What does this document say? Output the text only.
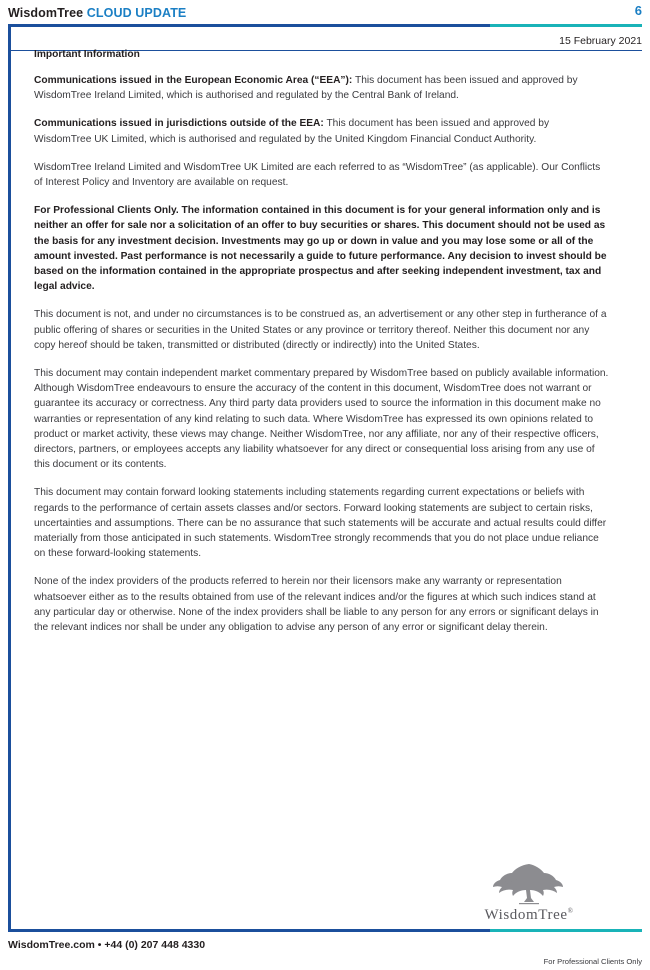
WisdomTree CLOUD UPDATE	6
15 February 2021
Important Information

Communications issued in the European Economic Area (“EEA”): This document has been issued and approved by WisdomTree Ireland Limited, which is authorised and regulated by the Central Bank of Ireland.

Communications issued in jurisdictions outside of the EEA: This document has been issued and approved by WisdomTree UK Limited, which is authorised and regulated by the United Kingdom Financial Conduct Authority.

WisdomTree Ireland Limited and WisdomTree UK Limited are each referred to as “WisdomTree” (as applicable). Our Conflicts of Interest Policy and Inventory are available on request.

For Professional Clients Only. The information contained in this document is for your general information only and is neither an offer for sale nor a solicitation of an offer to buy securities or shares. This document should not be used as the basis for any investment decision. Investments may go up or down in value and you may lose some or all of the amount invested. Past performance is not necessarily a guide to future performance. Any decision to invest should be based on the information contained in the appropriate prospectus and after seeking independent investment, tax and legal advice.

This document is not, and under no circumstances is to be construed as, an advertisement or any other step in furtherance of a public offering of shares or securities in the United States or any province or territory thereof. Neither this document nor any copy hereof should be taken, transmitted or distributed (directly or indirectly) into the United States.

This document may contain independent market commentary prepared by WisdomTree based on publicly available information. Although WisdomTree endeavours to ensure the accuracy of the content in this document, WisdomTree does not warrant or guarantee its accuracy or correctness. Any third party data providers used to source the information in this document make no warranties or representation of any kind relating to such data. Where WisdomTree has expressed its own opinions related to product or market activity, these views may change. Neither WisdomTree, nor any affiliate, nor any of their respective officers, directors, partners, or employees accepts any liability whatsoever for any direct or consequential loss arising from any use of this document or its contents.

This document may contain forward looking statements including statements regarding current expectations or beliefs with regards to the performance of certain assets classes and/or sectors. Forward looking statements are subject to certain risks, uncertainties and assumptions. There can be no assurance that such statements will be accurate and actual results could differ materially from those anticipated in such statements. WisdomTree strongly recommends that you do not place undue reliance on these forward-looking statements.

None of the index providers of the products referred to herein nor their licensors make any warranty or representation whatsoever either as to the results obtained from use of the relevant indices and/or the figures at which such indices stand at any particular day or otherwise. None of the index providers shall be liable to any person for any errors or significant delays in the relevant indices nor shall be under any obligation to advise any person of any error or significant delay therein.

WisdomTree®
WisdomTree.com • +44 (0) 207 448 4330
For Professional Clients Only
